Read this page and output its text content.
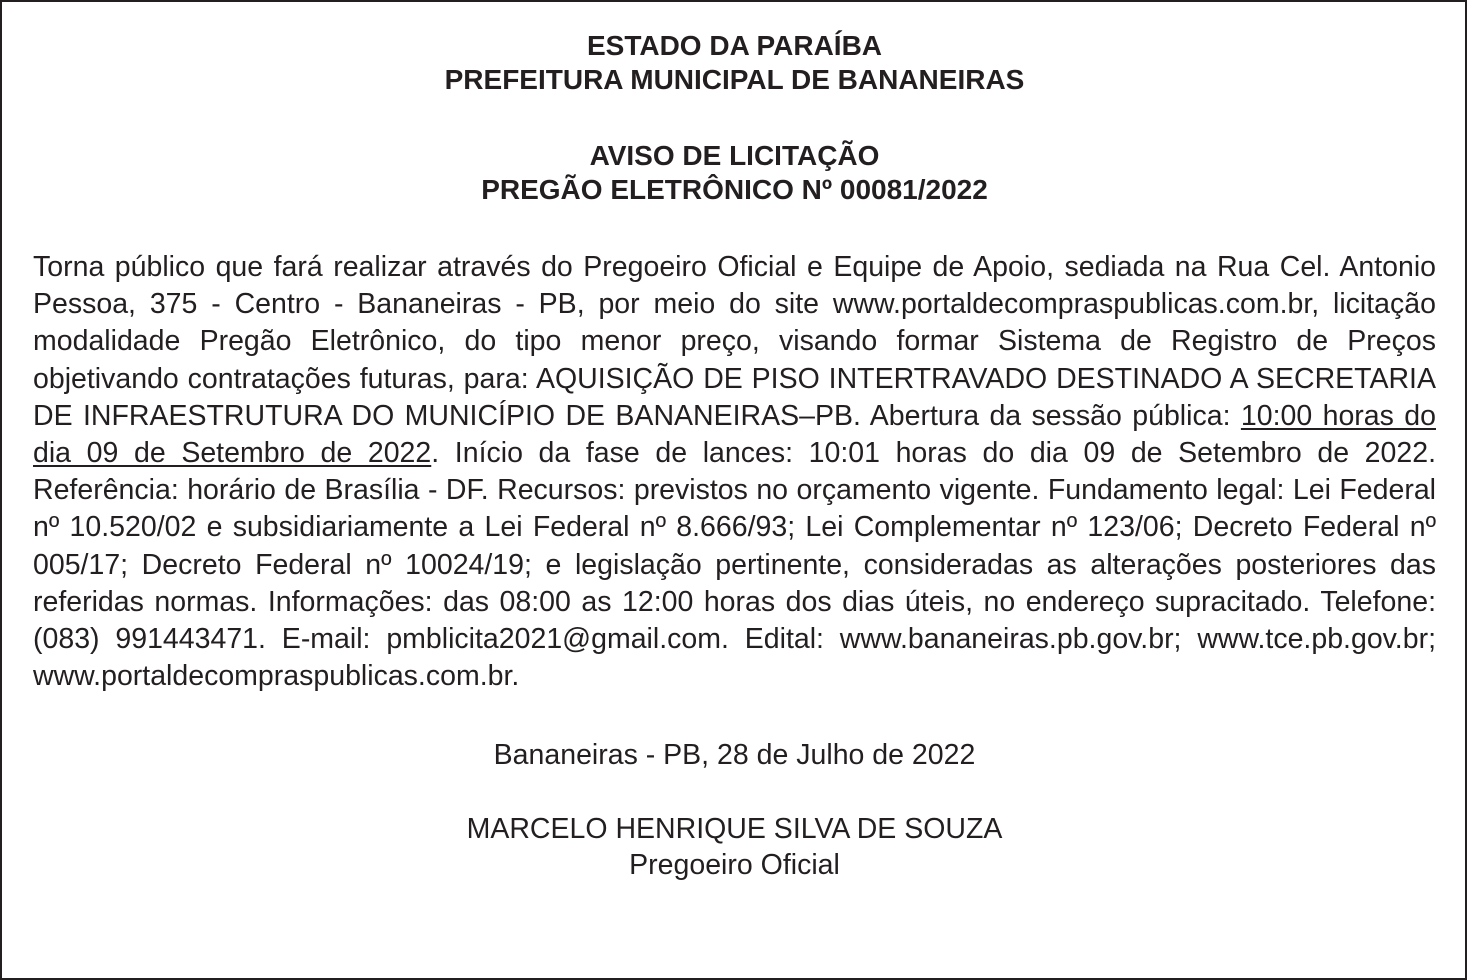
ESTADO DA PARAÍBA
PREFEITURA MUNICIPAL DE BANANEIRAS
AVISO DE LICITAÇÃO
PREGÃO ELETRÔNICO Nº 00081/2022
Torna público que fará realizar através do Pregoeiro Oficial e Equipe de Apoio, sediada na Rua Cel. Antonio Pessoa, 375 - Centro - Bananeiras - PB, por meio do site www.portaldecompraspublicas.com.br, licitação modalidade Pregão Eletrônico, do tipo menor preço, visando formar Sistema de Registro de Preços objetivando contratações futuras, para: AQUISIÇÃO DE PISO INTERTRAVADO DESTINADO A SECRETARIA DE INFRAESTRUTURA DO MUNICÍPIO DE BANANEIRAS–PB. Abertura da sessão pública: 10:00 horas do dia 09 de Setembro de 2022. Início da fase de lances: 10:01 horas do dia 09 de Setembro de 2022. Referência: horário de Brasília - DF. Recursos: previstos no orçamento vigente. Fundamento legal: Lei Federal nº 10.520/02 e subsidiariamente a Lei Federal nº 8.666/93; Lei Complementar nº 123/06; Decreto Federal nº 005/17; Decreto Federal nº 10024/19; e legislação pertinente, consideradas as alterações posteriores das referidas normas. Informações: das 08:00 as 12:00 horas dos dias úteis, no endereço supracitado. Telefone: (083) 991443471. E-mail: pmblicita2021@gmail.com. Edital: www.bananeiras.pb.gov.br; www.tce.pb.gov.br; www.portaldecompraspublicas.com.br.
Bananeiras - PB, 28 de Julho de 2022
MARCELO HENRIQUE SILVA DE SOUZA
Pregoeiro Oficial
